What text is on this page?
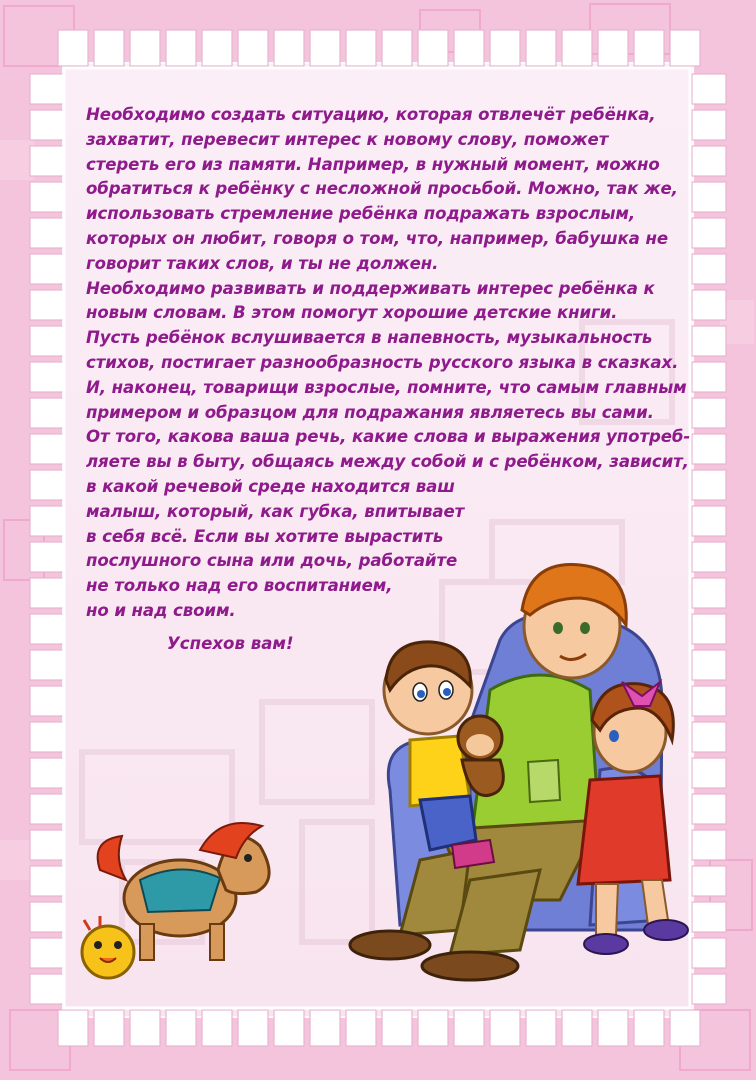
Необходимо создать ситуацию, которая отвлечёт ребёнка,
захватит, перевесит интерес к новому слову, поможет
стереть его из памяти. Например, в нужный момент, можно
обратиться к ребёнку с несложной просьбой. Можно, так же,
использовать стремление ребёнка подражать взрослым,
которых он любит, говоря о том, что, например, бабушка не
говорит таких слов, и ты не должен.
Необходимо развивать и поддерживать интерес ребёнка к
новым словам. В этом помогут хорошие детские книги.
Пусть ребёнок вслушивается в напевность, музыкальность
стихов, постигает разнообразность русского языка в сказках.
И, наконец, товарищи взрослые, помните, что самым главным
примером и образцом для подражания являетесь вы сами.
От того, какова ваша речь, какие слова и выражения употреб-
ляете вы в быту, общаясь между собой и с ребёнком, зависит,
в какой речевой среде находится ваш
малыш, который, как губка, впитывает
в себя всё. Если вы хотите вырастить
послушного сына или дочь, работайте
не только над его воспитанием,
но и над своим.
Успехов вам!
